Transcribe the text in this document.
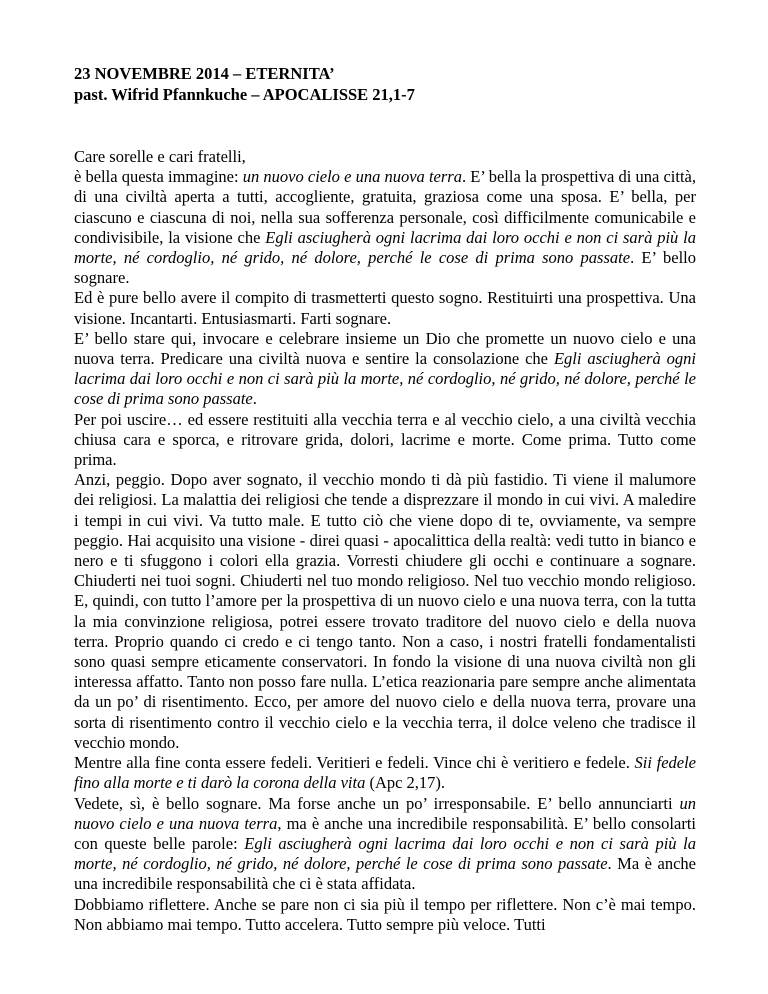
23 NOVEMBRE 2014 – ETERNITA’
past. Wifrid Pfannkuche – APOCALISSE 21,1-7

Care sorelle e cari fratelli,

è bella questa immagine: un nuovo cielo e una nuova terra. E’ bella la prospettiva di una città, di una civiltà aperta a tutti, accogliente, gratuita, graziosa come una sposa. E’ bella, per ciascuno e ciascuna di noi, nella sua sofferenza personale, così difficilmente comunicabile e condivisibile, la visione che Egli asciugherà ogni lacrima dai loro occhi e non ci sarà più la morte, né cordoglio, né grido, né dolore, perché le cose di prima sono passate. E’ bello sognare.

Ed è pure bello avere il compito di trasmetterti questo sogno. Restituirti una prospettiva. Una visione. Incantarti. Entusiasmarti. Farti sognare.

E’ bello stare qui, invocare e celebrare insieme un Dio che promette un nuovo cielo e una nuova terra. Predicare una civiltà nuova e sentire la consolazione che Egli asciugherà ogni lacrima dai loro occhi e non ci sarà più la morte, né cordoglio, né grido, né dolore, perché le cose di prima sono passate.

Per poi uscire… ed essere restituiti alla vecchia terra e al vecchio cielo, a una civiltà vecchia chiusa cara e sporca, e ritrovare grida, dolori, lacrime e morte. Come prima. Tutto come prima.

Anzi, peggio. Dopo aver sognato, il vecchio mondo ti dà più fastidio. Ti viene il malumore dei religiosi. La malattia dei religiosi che tende a disprezzare il mondo in cui vivi. A maledire i tempi in cui vivi. Va tutto male. E tutto ciò che viene dopo di te, ovviamente, va sempre peggio. Hai acquisito una visione - direi quasi - apocalittica della realtà: vedi tutto in bianco e nero e ti sfuggono i colori ella grazia. Vorresti chiudere gli occhi e continuare a sognare. Chiuderti nei tuoi sogni. Chiuderti nel tuo mondo religioso. Nel tuo vecchio mondo religioso. E, quindi, con tutto l’amore per la prospettiva di un nuovo cielo e una nuova terra, con la tutta la mia convinzione religiosa, potrei essere trovato traditore del nuovo cielo e della nuova terra. Proprio quando ci credo e ci tengo tanto. Non a caso, i nostri fratelli fondamentalisti sono quasi sempre eticamente conservatori. In fondo la visione di una nuova civiltà non gli interessa affatto. Tanto non posso fare nulla. L’etica reazionaria pare sempre anche alimentata da un po’ di risentimento. Ecco, per amore del nuovo cielo e della nuova terra, provare una sorta di risentimento contro il vecchio cielo e la vecchia terra, il dolce veleno che tradisce il vecchio mondo.

Mentre alla fine conta essere fedeli. Veritieri e fedeli. Vince chi è veritiero e fedele. Sii fedele fino alla morte e ti darò la corona della vita (Apc 2,17).

Vedete, sì, è bello sognare. Ma forse anche un po’ irresponsabile. E’ bello annunciarti un nuovo cielo e una nuova terra, ma è anche una incredibile responsabilità. E’ bello consolarti con queste belle parole: Egli asciugherà ogni lacrima dai loro occhi e non ci sarà più la morte, né cordoglio, né grido, né dolore, perché le cose di prima sono passate. Ma è anche una incredibile responsabilità che ci è stata affidata.

Dobbiamo riflettere. Anche se pare non ci sia più il tempo per riflettere. Non c’è mai tempo. Non abbiamo mai tempo. Tutto accelera. Tutto sempre più veloce. Tutti
